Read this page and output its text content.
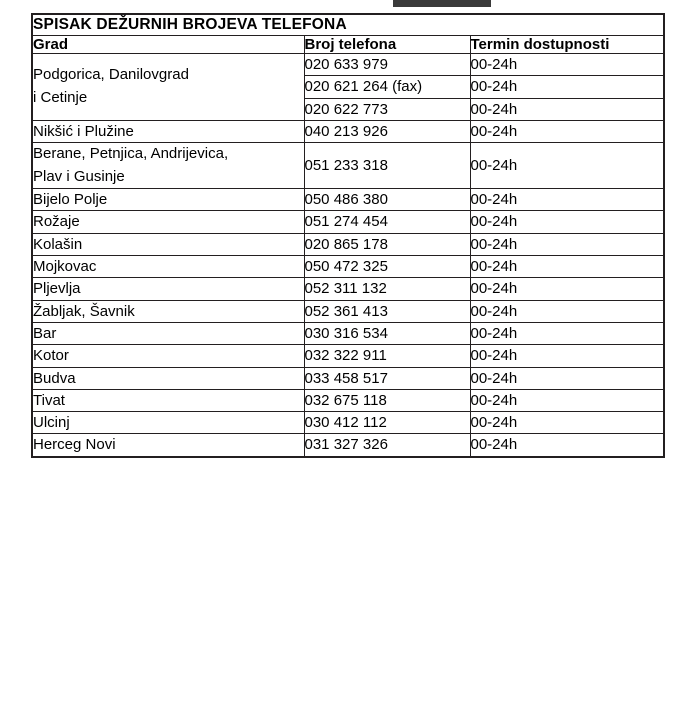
SPISAK DEŽURNIH BROJEVA TELEFONA		
Grad	Broj telefona	Termin dostupnosti
Podgorica, Danilovgrad
i Cetinje	020 633 979	00-24h
	020 621 264 (fax)	00-24h
	020 622 773	00-24h
Nikšić i Plužine	040 213 926	00-24h
Berane, Petnjica, Andrijevica,
Plav i Gusinje	051 233 318	00-24h
Bijelo Polje	050 486 380	00-24h
Rožaje	051 274 454	00-24h
Kolašin	020 865 178	00-24h
Mojkovac	050 472 325	00-24h
Pljevlja	052 311 132	00-24h
Žabljak, Šavnik	052 361 413	00-24h
Bar	030 316 534	00-24h
Kotor	032 322 911	00-24h
Budva	033 458 517	00-24h
Tivat	032 675 118	00-24h
Ulcinj	030 412 112	00-24h
Herceg Novi	031 327 326	00-24h
